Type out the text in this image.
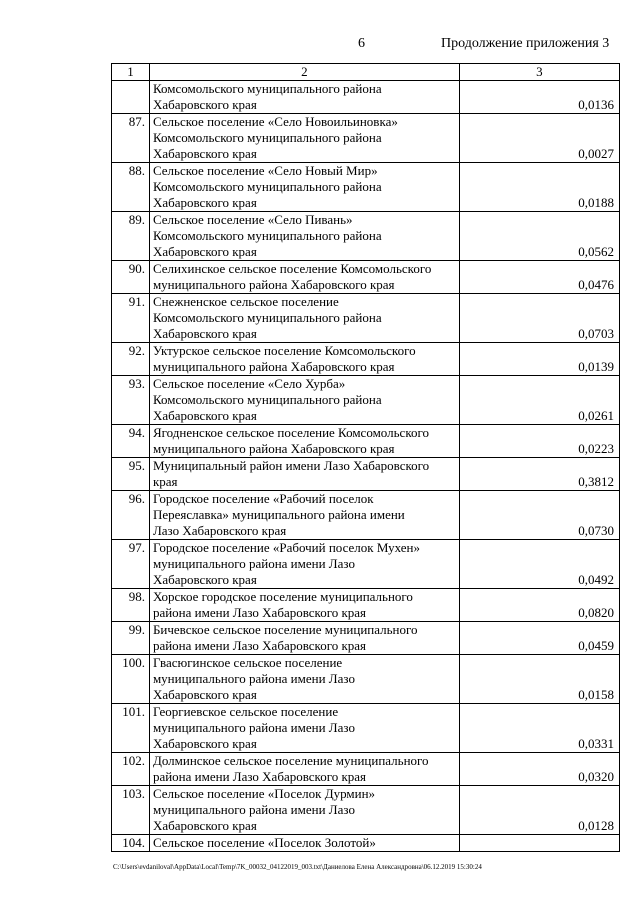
6	Продолжение приложения 3
1	2	3

	Комсомольского муниципального района
Хабаровского края	0,0136
87.	Сельское поселение «Село Новоильиновка»
Комсомольского муниципального района
Хабаровского края	0,0027
88.	Сельское поселение «Село Новый Мир»
Комсомольского муниципального района
Хабаровского края	0,0188
89.	Сельское поселение «Село Пивань»
Комсомольского муниципального района
Хабаровского края	0,0562
90.	Селихинское сельское поселение Комсомольского
муниципального района Хабаровского края	0,0476
91.	Снежненское сельское поселение
Комсомольского муниципального района
Хабаровского края	0,0703
92.	Уктурское сельское поселение Комсомольского
муниципального района Хабаровского края	0,0139
93.	Сельское поселение «Село Хурба»
Комсомольского муниципального района
Хабаровского края	0,0261
94.	Ягодненское сельское поселение Комсомольского
муниципального района Хабаровского края	0,0223
95.	Муниципальный район имени Лазо Хабаровского
края	0,3812
96.	Городское поселение «Рабочий поселок
Переяславка» муниципального района имени
Лазо Хабаровского края	0,0730
97.	Городское поселение «Рабочий поселок Мухен»
муниципального района имени Лазо
Хабаровского края	0,0492
98.	Хорское городское поселение муниципального
района имени Лазо Хабаровского края	0,0820
99.	Бичевское сельское поселение муниципального
района имени Лазо Хабаровского края	0,0459
100.	Гвасюгинское сельское поселение
муниципального района имени Лазо
Хабаровского края	0,0158
101.	Георгиевское сельское поселение
муниципального района имени Лазо
Хабаровского края	0,0331
102.	Долминское сельское поселение муниципального
района имени Лазо Хабаровского края	0,0320
103.	Сельское поселение «Поселок Дурмин»
муниципального района имени Лазо
Хабаровского края	0,0128
104.	Сельское поселение «Поселок Золотой»	

C:\Users\evdaniloval\AppData\Local\Temp\7K_00032_04122019_003.txt\Даниелова Елена Александровна\06.12.2019 15:30:24
